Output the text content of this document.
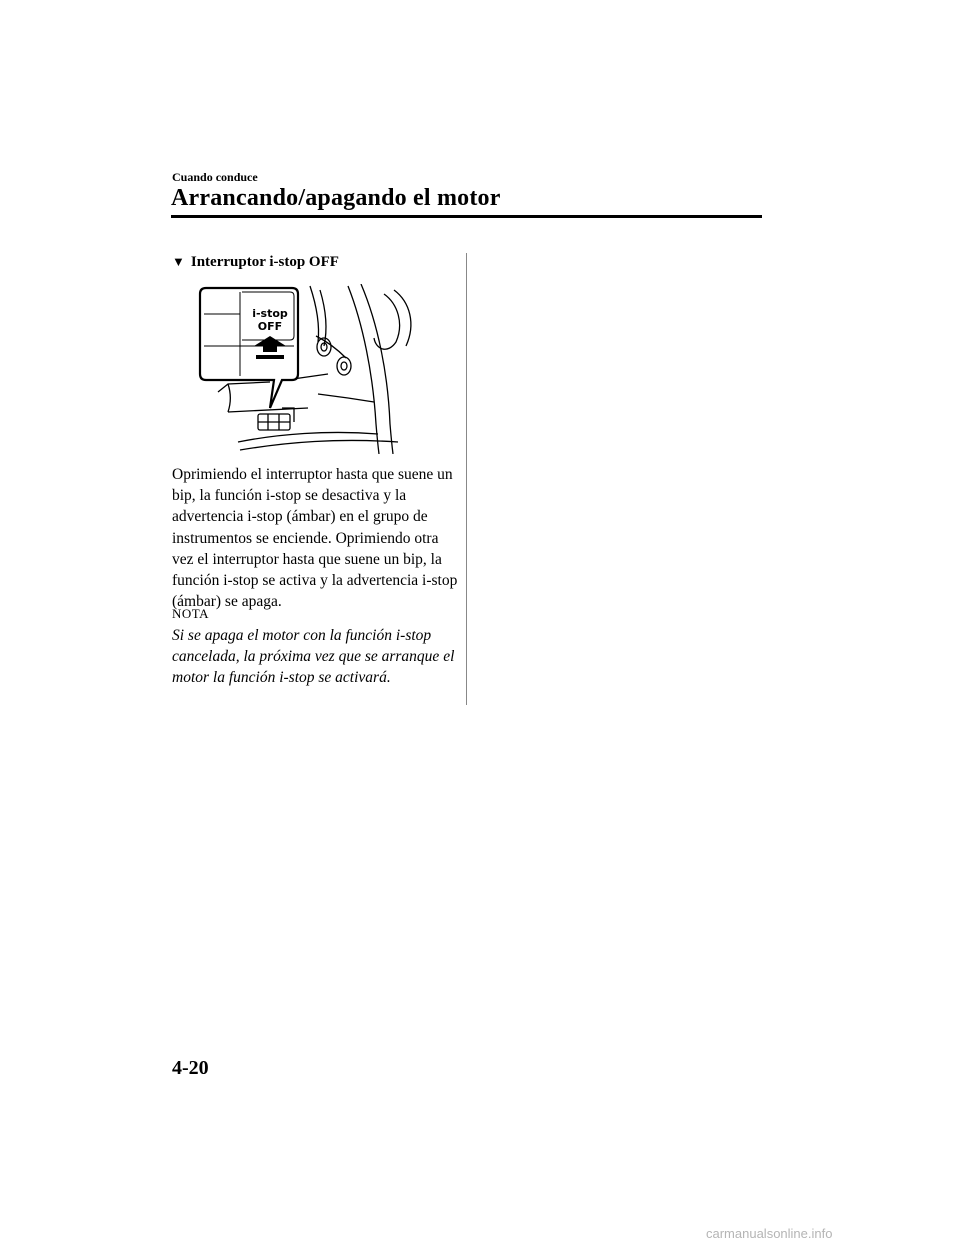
Cuando conduce
Arrancando/apagando el motor
▼ Interruptor i-stop OFF
i-stop
OFF

Oprimiendo el interruptor hasta que suene un bip, la función i-stop se desactiva y la advertencia i-stop (ámbar) en el grupo de instrumentos se enciende. Oprimiendo otra vez el interruptor hasta que suene un bip, la función i-stop se activa y la advertencia i-stop (ámbar) se apaga.

NOTA

Si se apaga el motor con la función i-stop cancelada, la próxima vez que se arranque el motor la función i-stop se activará.

4-20
carmanualsonline.info
